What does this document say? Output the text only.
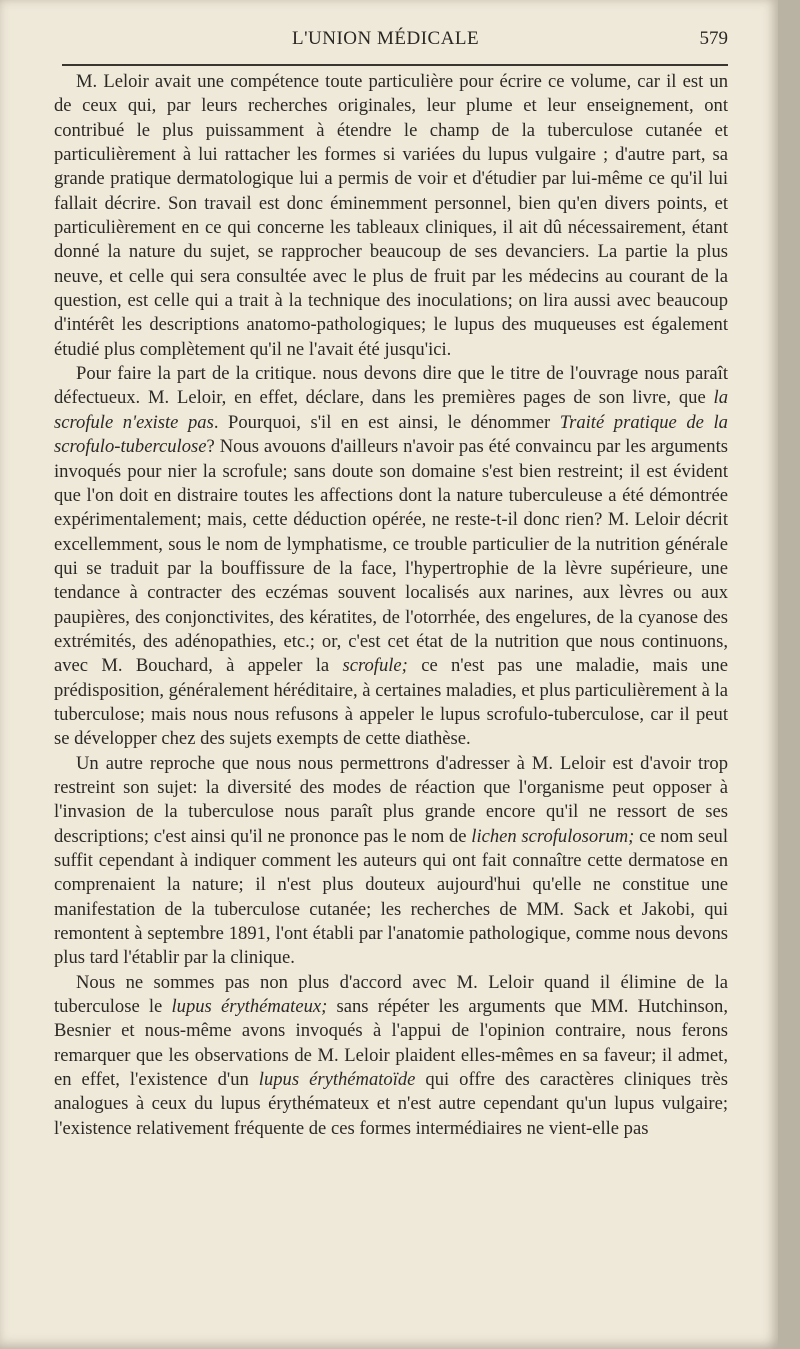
L'UNION MÉDICALE	579

M. Leloir avait une compétence toute particulière pour écrire ce volume, car il est un de ceux qui, par leurs recherches originales, leur plume et leur enseignement, ont contribué le plus puissamment à étendre le champ de la tuberculose cutanée et particulièrement à lui rattacher les formes si variées du lupus vulgaire ; d'autre part, sa grande pratique dermatologique lui a permis de voir et d'étudier par lui-même ce qu'il lui fallait décrire. Son travail est donc éminemment personnel, bien qu'en divers points, et particulièrement en ce qui concerne les tableaux cliniques, il ait dû nécessairement, étant donné la nature du sujet, se rapprocher beaucoup de ses devanciers. La partie la plus neuve, et celle qui sera consultée avec le plus de fruit par les médecins au courant de la question, est celle qui a trait à la technique des inoculations; on lira aussi avec beaucoup d'intérêt les descriptions anatomo-pathologiques; le lupus des muqueuses est également étudié plus complètement qu'il ne l'avait été jusqu'ici.

Pour faire la part de la critique. nous devons dire que le titre de l'ouvrage nous paraît défectueux. M. Leloir, en effet, déclare, dans les premières pages de son livre, que la scrofule n'existe pas. Pourquoi, s'il en est ainsi, le dénommer Traité pratique de la scrofulo-tuberculose? Nous avouons d'ailleurs n'avoir pas été convaincu par les arguments invoqués pour nier la scrofule; sans doute son domaine s'est bien restreint; il est évident que l'on doit en distraire toutes les affections dont la nature tuberculeuse a été démontrée expérimentalement; mais, cette déduction opérée, ne reste-t-il donc rien? M. Leloir décrit excellemment, sous le nom de lymphatisme, ce trouble particulier de la nutrition générale qui se traduit par la bouffissure de la face, l'hypertrophie de la lèvre supérieure, une tendance à contracter des eczémas souvent localisés aux narines, aux lèvres ou aux paupières, des conjonctivites, des kératites, de l'otorrhée, des engelures, de la cyanose des extrémités, des adénopathies, etc.; or, c'est cet état de la nutrition que nous continuons, avec M. Bouchard, à appeler la scrofule; ce n'est pas une maladie, mais une prédisposition, généralement héréditaire, à certaines maladies, et plus particulièrement à la tuberculose; mais nous nous refusons à appeler le lupus scrofulo-tuberculose, car il peut se développer chez des sujets exempts de cette diathèse.

Un autre reproche que nous nous permettrons d'adresser à M. Leloir est d'avoir trop restreint son sujet: la diversité des modes de réaction que l'organisme peut opposer à l'invasion de la tuberculose nous paraît plus grande encore qu'il ne ressort de ses descriptions; c'est ainsi qu'il ne prononce pas le nom de lichen scrofulosorum; ce nom seul suffit cependant à indiquer comment les auteurs qui ont fait connaître cette dermatose en comprenaient la nature; il n'est plus douteux aujourd'hui qu'elle ne constitue une manifestation de la tuberculose cutanée; les recherches de MM. Sack et Jakobi, qui remontent à septembre 1891, l'ont établi par l'anatomie pathologique, comme nous devons plus tard l'établir par la clinique.

Nous ne sommes pas non plus d'accord avec M. Leloir quand il élimine de la tuberculose le lupus érythémateux; sans répéter les arguments que MM. Hutchinson, Besnier et nous-même avons invoqués à l'appui de l'opinion contraire, nous ferons remarquer que les observations de M. Leloir plaident elles-mêmes en sa faveur; il admet, en effet, l'existence d'un lupus érythématoïde qui offre des caractères cliniques très analogues à ceux du lupus érythémateux et n'est autre cependant qu'un lupus vulgaire; l'existence relativement fréquente de ces formes intermédiaires ne vient-elle pas
